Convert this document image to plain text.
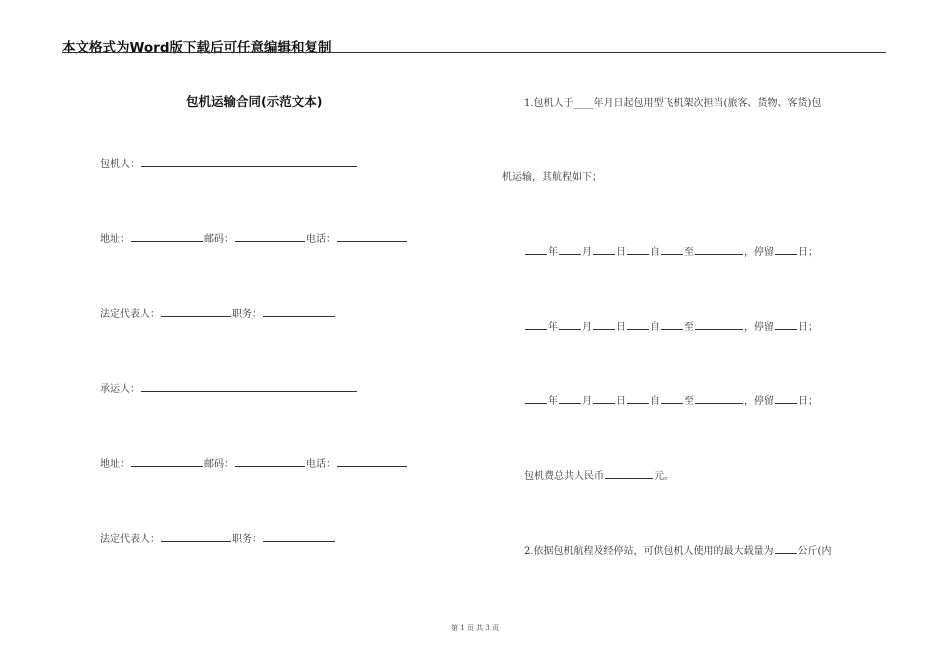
本文格式为Word版下载后可任意编辑和复制
包机运输合同(示范文本)
包机人：
地址：	邮码：	电话：
法定代表人：	职务：
承运人：
地址：	邮码：	电话：
法定代表人：	职务：
1.包机人于____年月日起包用型飞机架次担当(旅客、货物、客货)包
机运输，其航程如下；
年 月 日 自 至	，停留 日；
年 月 日 自 至	，停留 日；
年 月 日 自 至	，停留 日；
包机费总共人民币	元。
2.依据包机航程及经停站，可供包机人使用的最大载量为 公斤(内
第 1 页 共 3 页
